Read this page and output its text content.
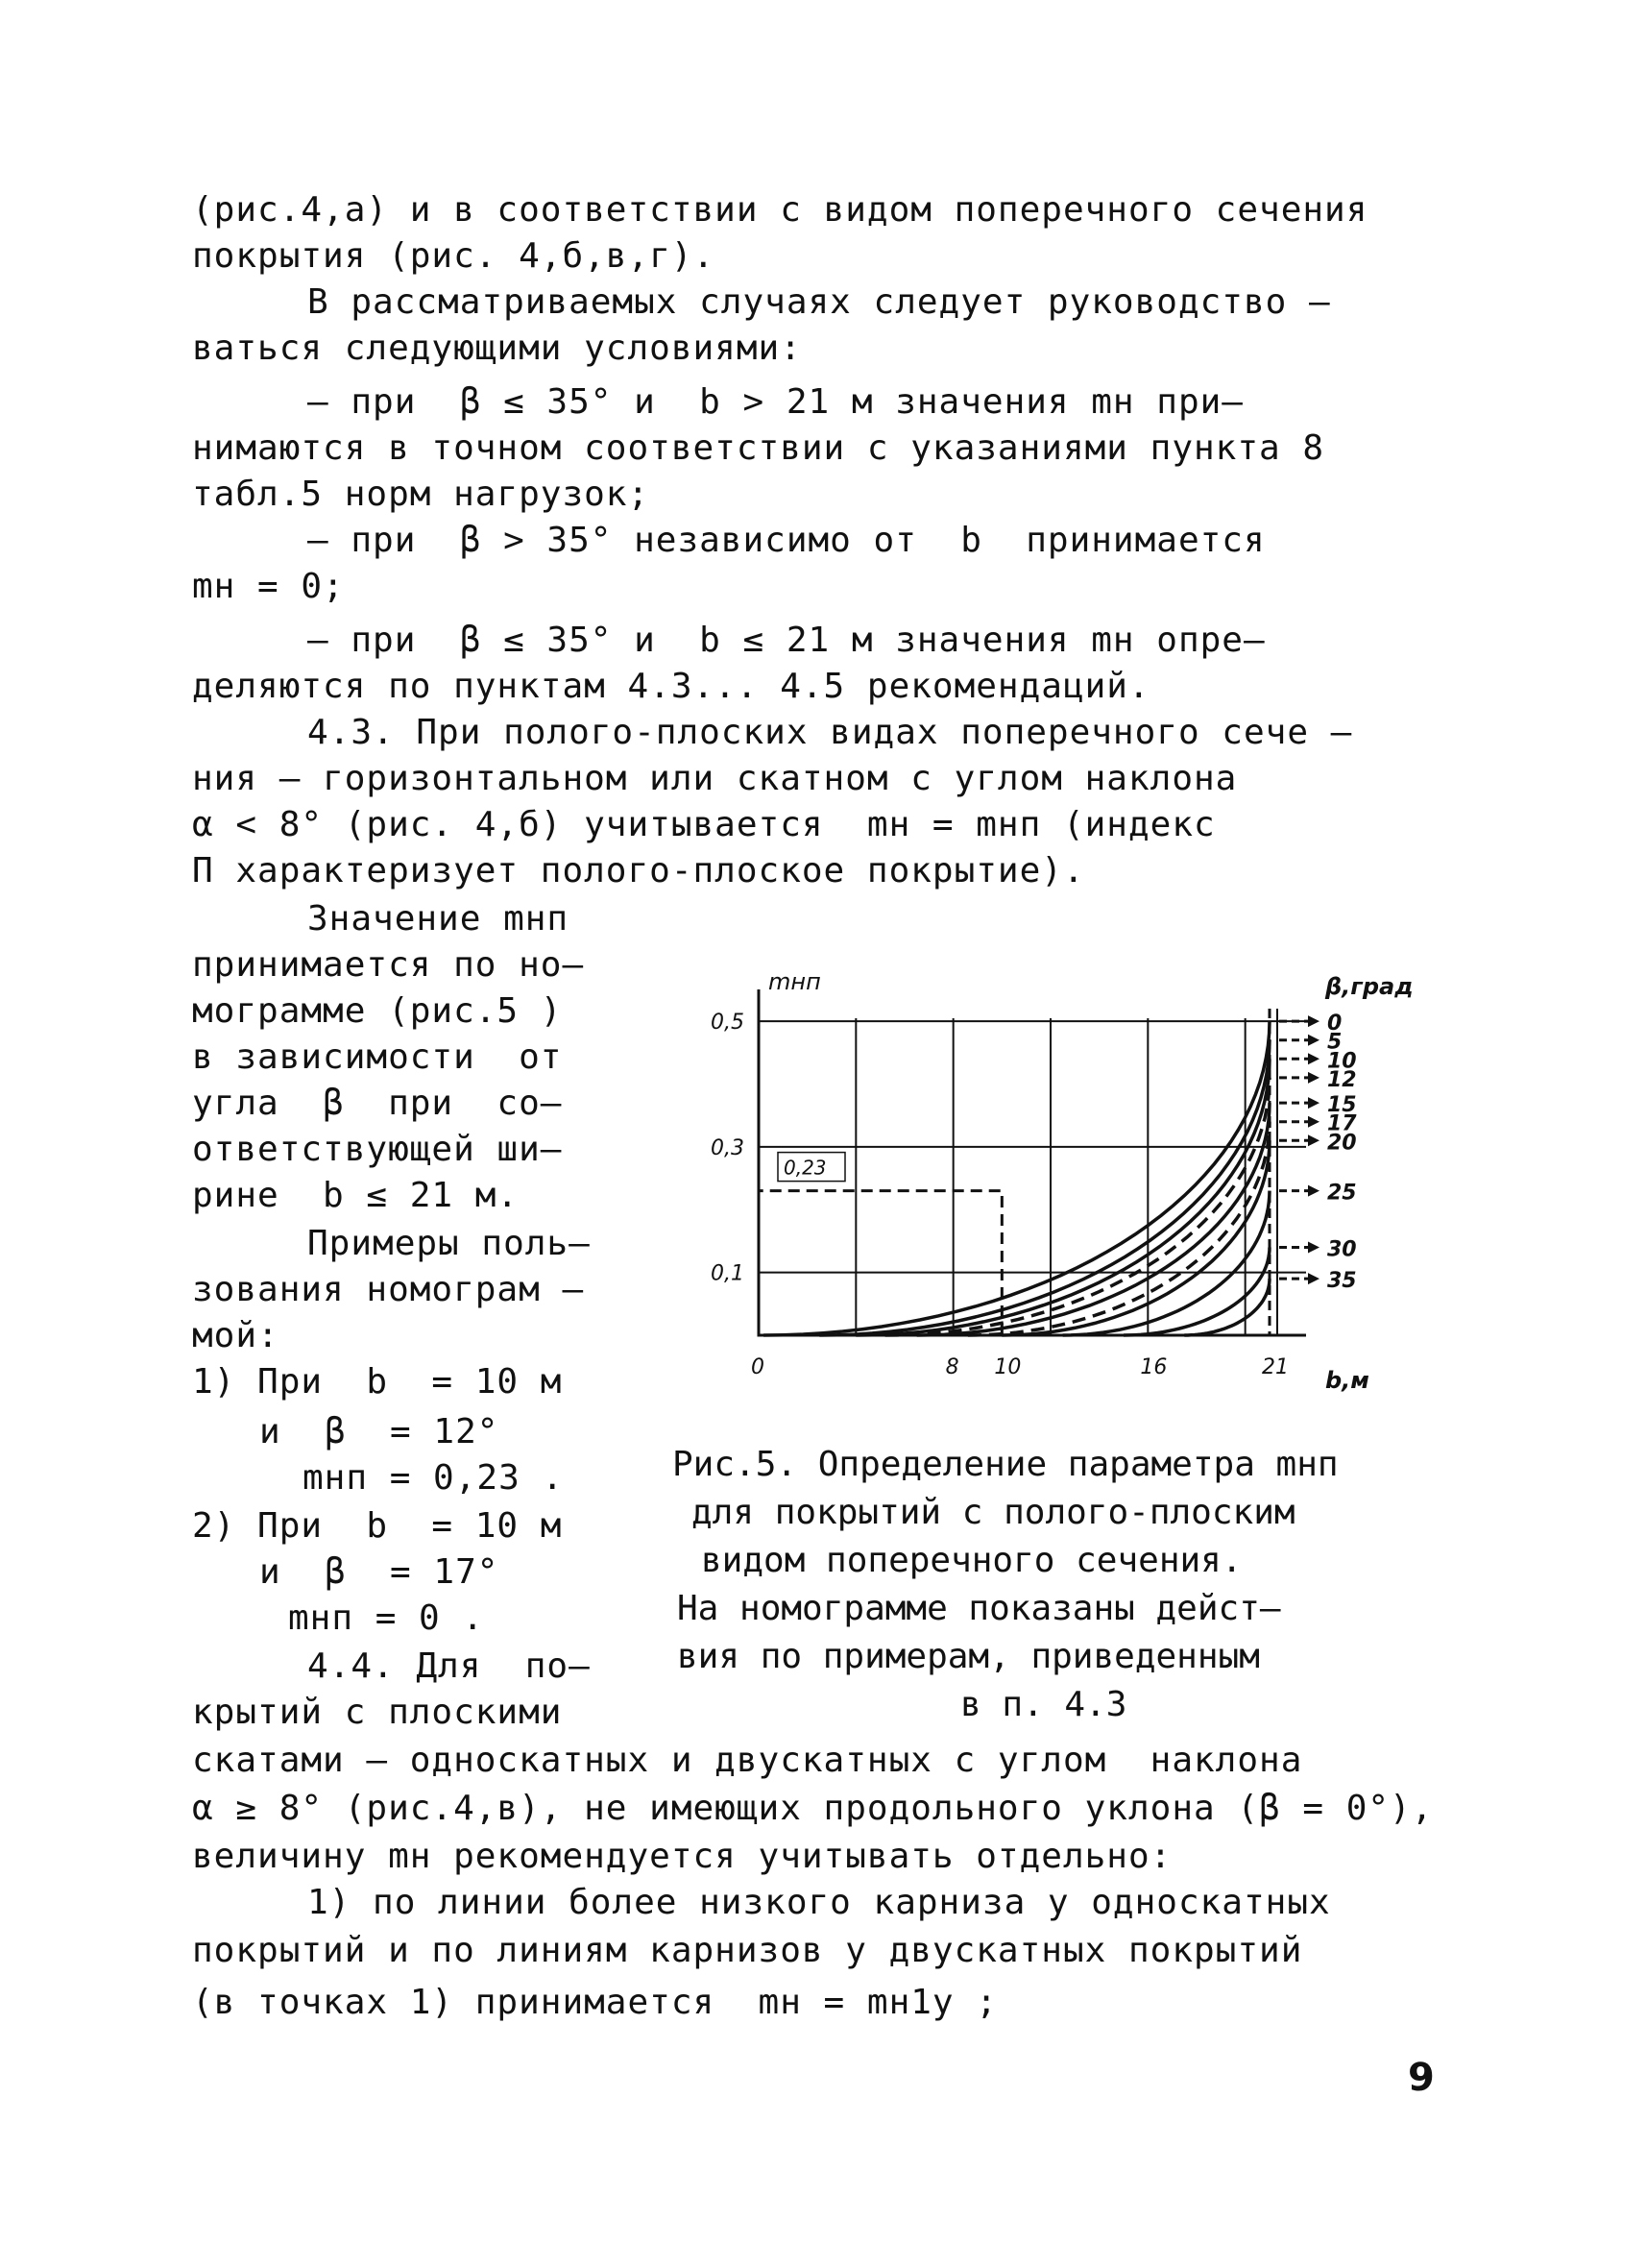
(рис.4,а) и в соответствии с видом поперечного сечения
покрытия (рис. 4,б,в,г).
В рассматриваемых случаях следует руководство –
ваться следующими условиями:
– при  β ≤ 35° и  b > 21 м значения mн при–
нимаются в точном соответствии с указаниями пункта 8
табл.5 норм нагрузок;
– при  β > 35° независимо от  b  принимается
mн = 0;
– при  β ≤ 35° и  b ≤ 21 м значения mн опре–
деляются по пунктам 4.3... 4.5 рекомендаций.
4.3. При полого-плоских видах поперечного сече –
ния – горизонтальном или скатном с углом наклона
α < 8° (рис. 4,б) учитывается  mн = mнп (индекс
П характеризует полого-плоское покрытие).
Значение mнп
принимается по но–
мограмме (рис.5 )
в зависимости  от
угла  β  при  со–
ответствующей ши–
рине  b ≤ 21 м.
Примеры поль–
зования номограм –
мой:
1) При  b  = 10 м
и  β  = 12°
mнп = 0,23 .
2) При  b  = 10 м
и  β  = 17°
mнп = 0 .
4.4. Для  по–
крытий с плоскими
скатами – односкатных и двускатных с углом  наклона
α ≥ 8° (рис.4,в), не имеющих продольного уклона (β = 0°),
величину mн рекомендуется учитывать отдельно:
1) по линии более низкого карниза у односкатных
покрытий и по линиям карнизов у двускатных покрытий
(в точках 1) принимается  mн = mн1у ;
0,5
0,3
0,1
0	8 10	16	21
mнп
b,м
β,град
0
5
10
12
15
17
20
25
30
35
0,23
Рис.5. Определение параметра mнп
для покрытий с полого-плоским
видом поперечного сечения.
На номограмме показаны дейст–
вия по примерам, приведенным
в п. 4.3
9
